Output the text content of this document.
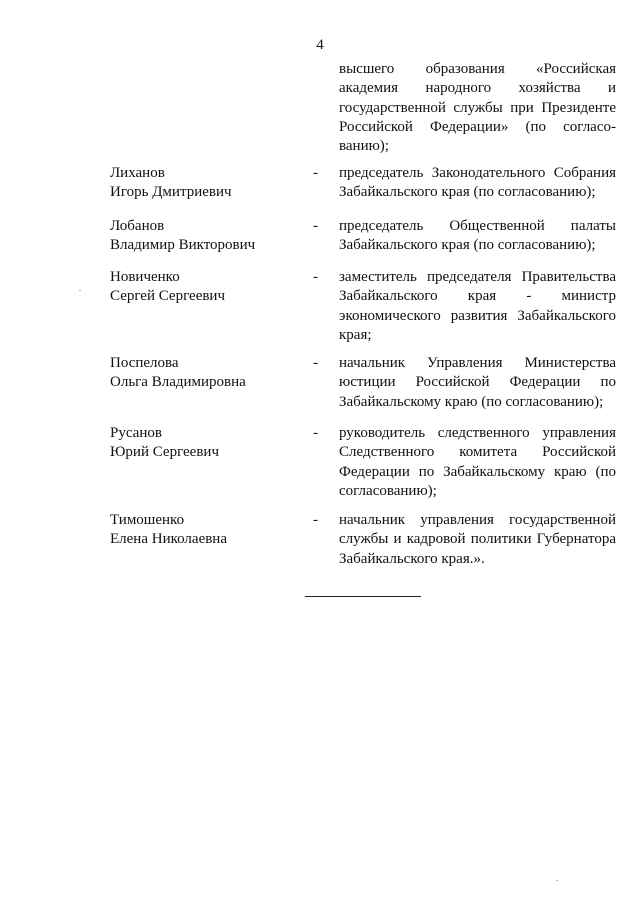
4
высшего образования «Российская
академия народного хозяйства и
государственной службы при Президенте
Российской Федерации» (по согласо-
ванию);
Лиханов
Игорь Дмитриевич
- председатель Законодательного Собрания
Забайкальского края (по согласованию);
Лобанов
Владимир Викторович
- председатель Общественной палаты
Забайкальского края (по согласованию);
Новиченко
Сергей Сергеевич
- заместитель председателя Правительства
Забайкальского края - министр
экономического развития Забайкальского
края;
Поспелова
Ольга Владимировна
- начальник Управления Министерства
юстиции Российской Федерации по
Забайкальскому краю (по согласованию);
Русанов
Юрий Сергеевич
- руководитель следственного управления
Следственного комитета Российской
Федерации по Забайкальскому краю (по
согласованию);
Тимошенко
Елена Николаевна
- начальник управления государственной
службы и кадровой политики Губернатора
Забайкальского края.».
